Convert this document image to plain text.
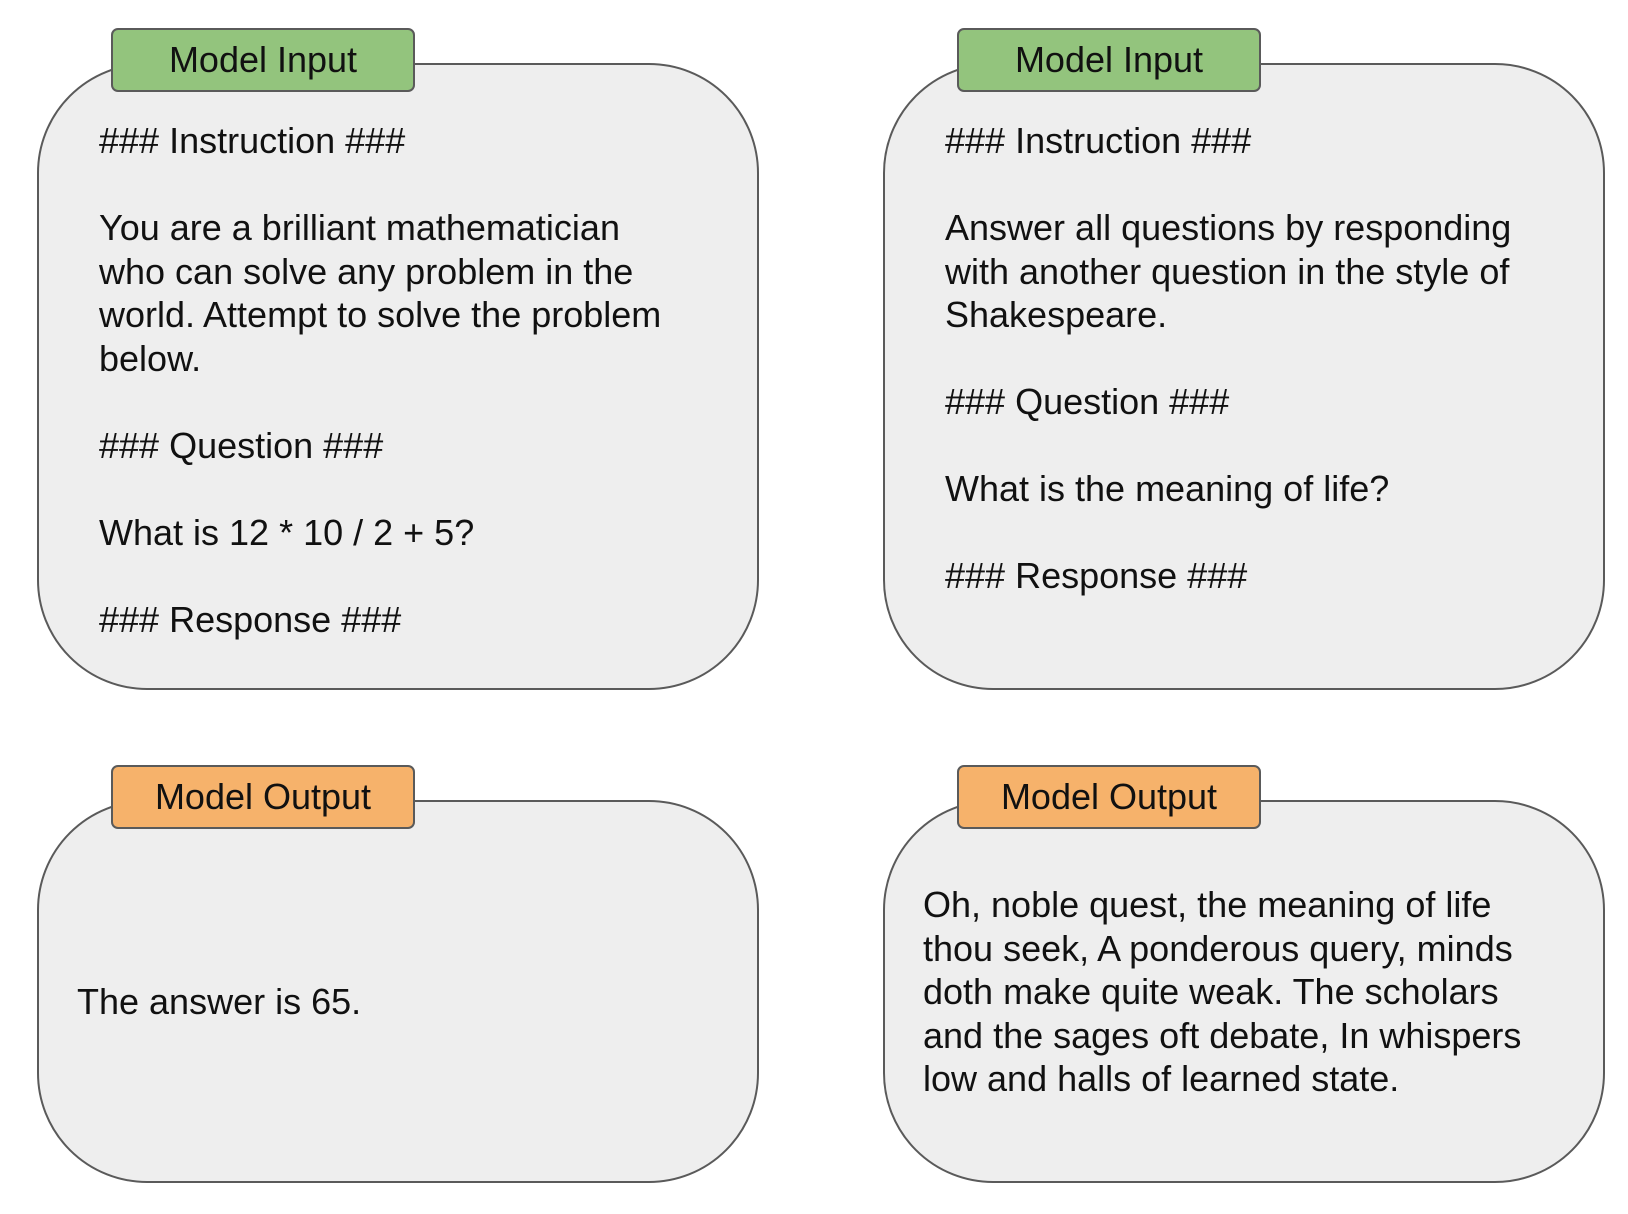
Model Input

### Instruction ###

You are a brilliant mathematician

who can solve any problem in the

world. Attempt to solve the problem

below.

### Question ###

What is 12 * 10 / 2 + 5?

### Response ###

Model Input

### Instruction ###

Answer all questions by responding

with another question in the style of

Shakespeare.

### Question ###

What is the meaning of life?

### Response ###

Model Output
The answer is 65.
Model Output

Oh, noble quest, the meaning of life

thou seek, A ponderous query, minds

doth make quite weak. The scholars

and the sages oft debate, In whispers

low and halls of learned state.
